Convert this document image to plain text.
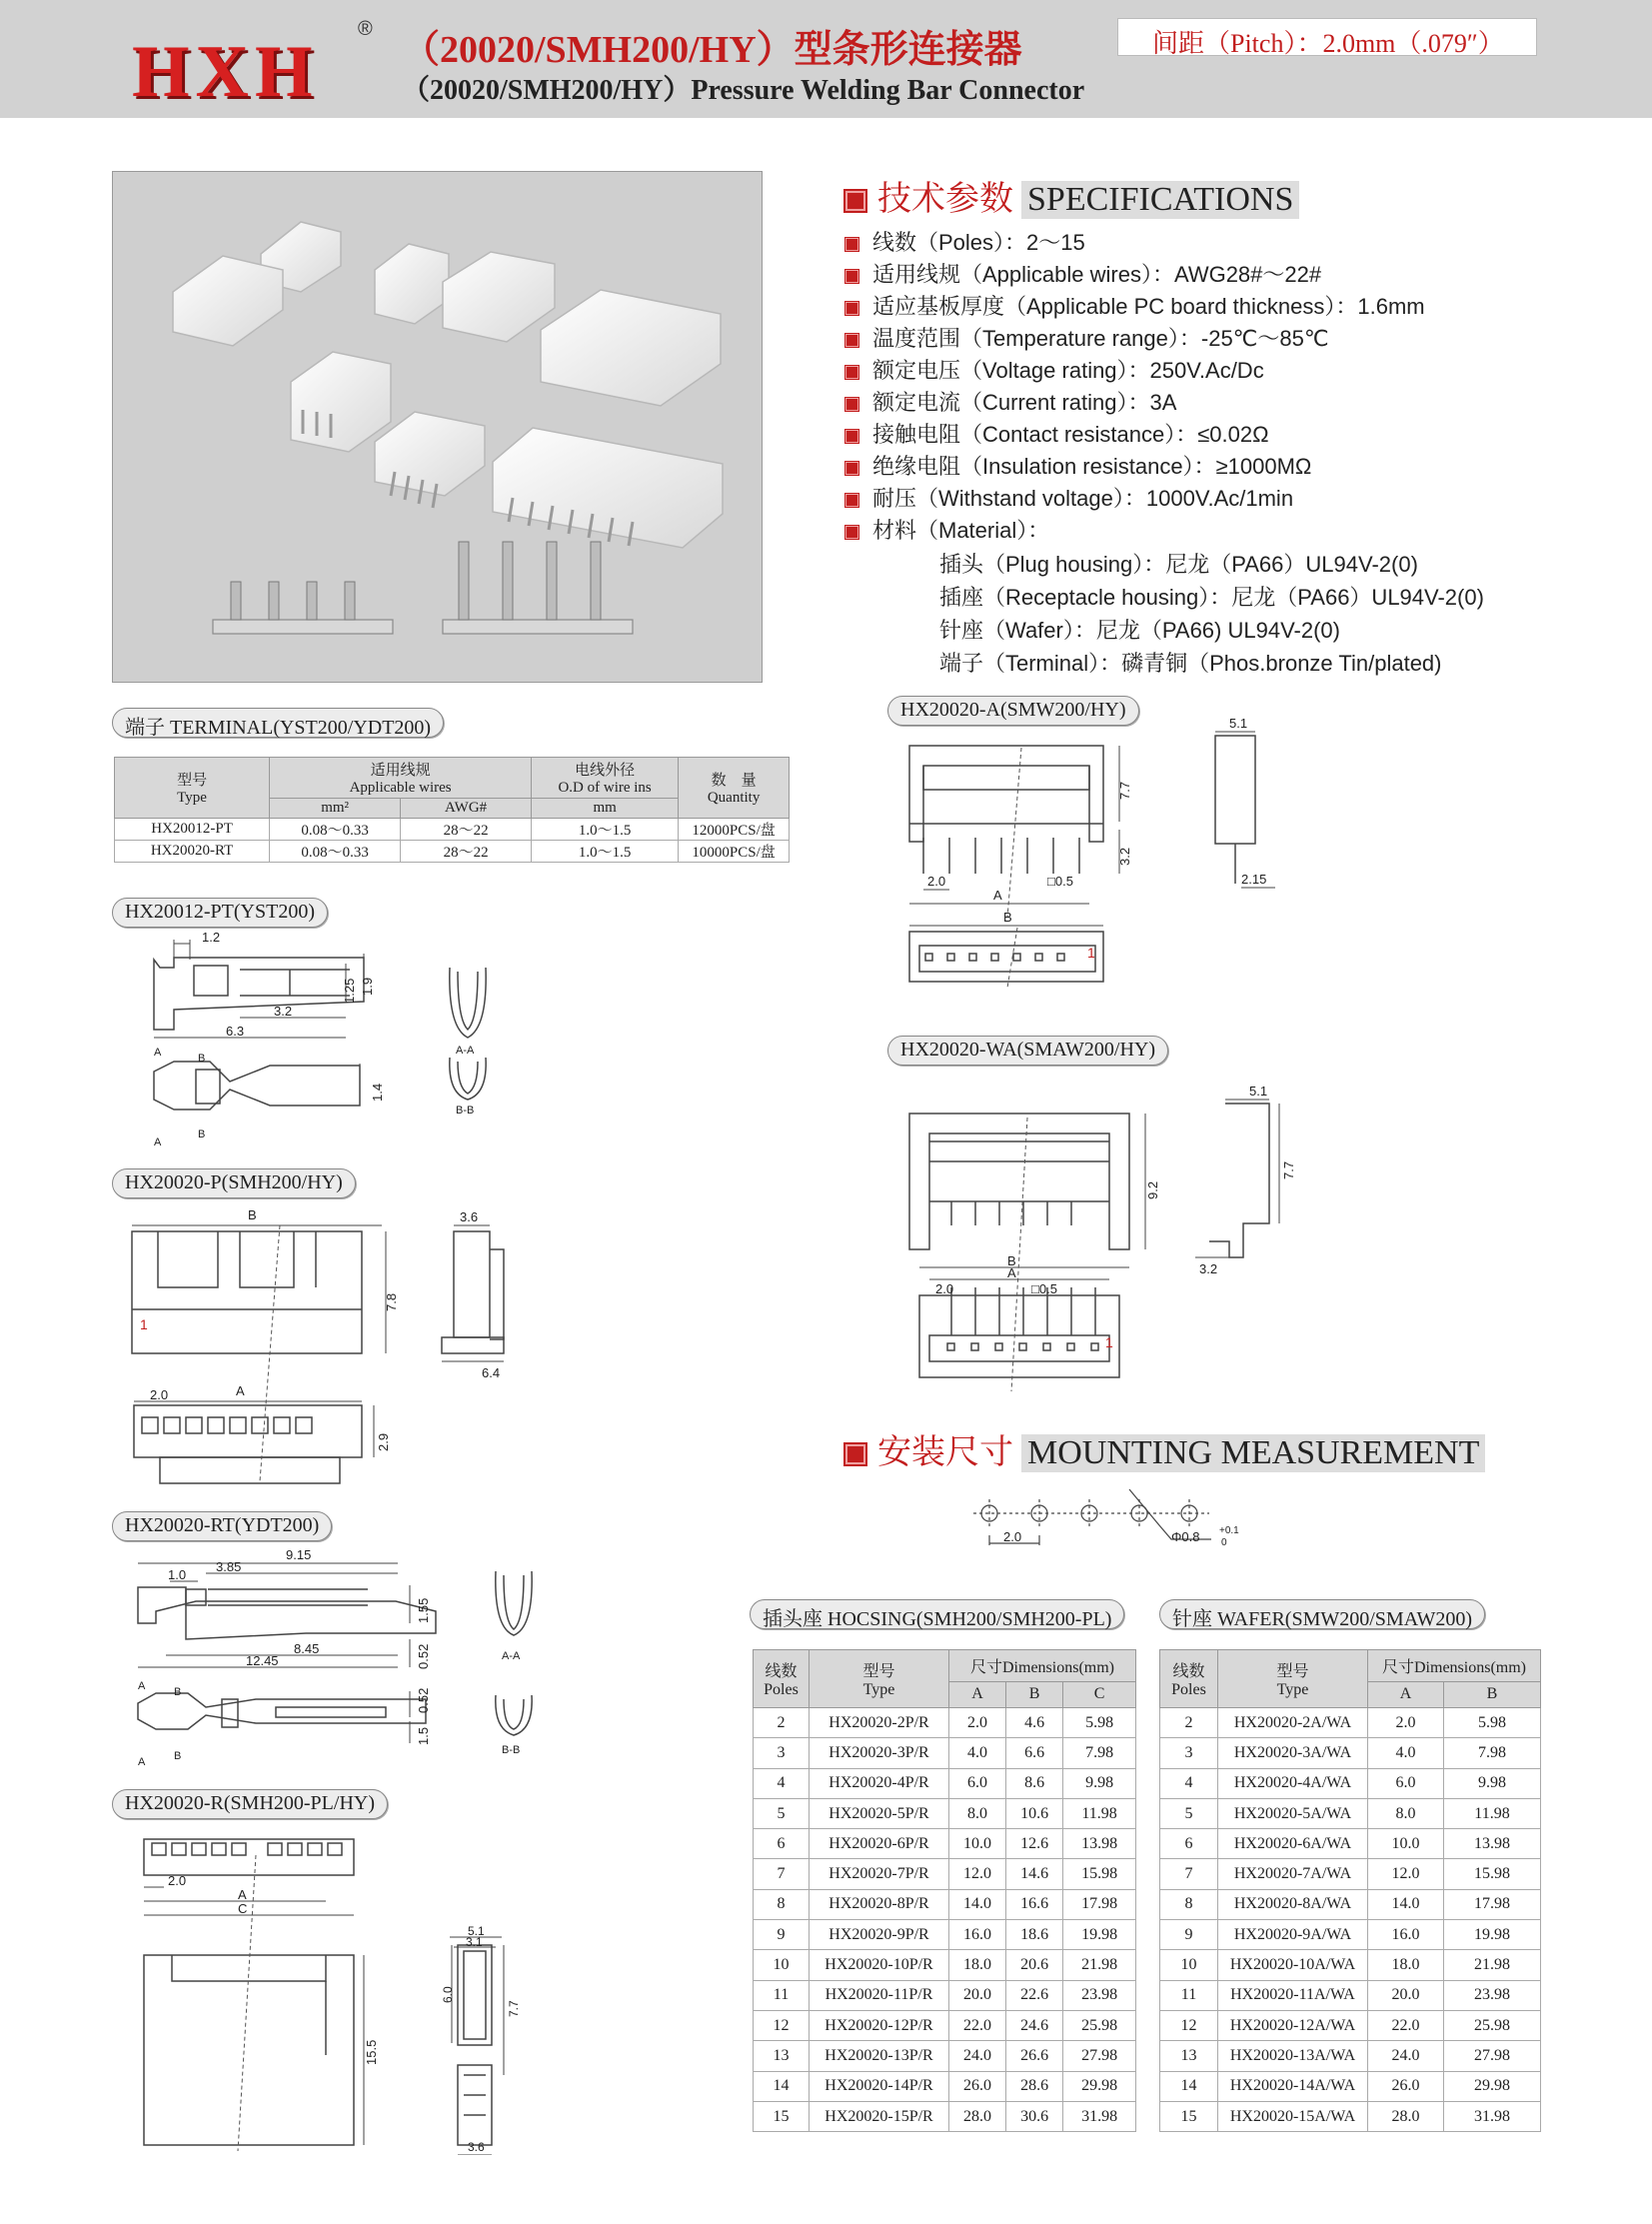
HXH
® （20020/SMH200/HY）型条形连接器
（20020/SMH200/HY）Pressure Welding Bar Connector
间距（Pitch）：2.0mm（.079″）
技术参数 SPECIFICATIONS
线数（Poles）：2～15
适用线规（Applicable wires）：AWG28#～22#
适应基板厚度（Applicable PC board thickness）：1.6mm
温度范围（Temperature range）：-25℃～85℃
额定电压（Voltage rating）：250V.Ac/Dc
额定电流（Current rating）：3A
接触电阻（Contact resistance）：≤0.02Ω
绝缘电阻（Insulation resistance）：≥1000MΩ
耐压（Withstand voltage）：1000V.Ac/1min
材料（Material）：
插头（Plug housing）：尼龙（PA66）UL94V-2(0)
插座（Receptacle housing）：尼龙（PA66）UL94V-2(0)
针座（Wafer）：尼龙（PA66) UL94V-2(0)
端子（Terminal）：磷青铜（Phos.bronze Tin/plated)
端子 TERMINAL(YST200/YDT200)
型号
Type	适用线规
Applicable wires		电线外径
O.D of wire ins	数　量
Quantity
	mm²	AWG#	mm	
HX20012-PT	0.08～0.33	28～22	1.0～1.5	12000PCS/盘
HX20020-RT	0.08～0.33	28～22	1.0～1.5	10000PCS/盘
HX20012-PT(YST200)
1.2
1.25 1.9
3.2
6.3
1.4
A	B
A
B
A-A
B-B
HX20020-P(SMH200/HY)
B
A
7.8
3.6
6.4
2.0
2.9
1
HX20020-RT(YDT200)
9.15
1.0
3.85
8.45
12.45
1.55
0.52
0.52
1.5
A	B
A	B
A-A
B-B
HX20020-R(SMH200-PL/HY)
2.0
A
C
15.5
5.1
3.1
6.0
7.7
3.6
HX20020-A(SMW200/HY)
7.7
3.2
2.0
A
□0.5
B
5.1
2.15
1
HX20020-WA(SMAW200/HY)
9.2
B
A
2.0	□0.5
5.1
7.7
3.2
1
安装尺寸 MOUNTING MEASUREMENT
2.0	Φ0.8 +0.1
0
插头座 HOCSING(SMH200/SMH200-PL)
线数
Poles	型号
Type	尺寸Dimensions(mm)		
		A	B	C
2	HX20020-2P/R	2.0	4.6	5.98
3	HX20020-3P/R	4.0	6.6	7.98
4	HX20020-4P/R	6.0	8.6	9.98
5	HX20020-5P/R	8.0	10.6	11.98
6	HX20020-6P/R	10.0	12.6	13.98
7	HX20020-7P/R	12.0	14.6	15.98
8	HX20020-8P/R	14.0	16.6	17.98
9	HX20020-9P/R	16.0	18.6	19.98
10	HX20020-10P/R	18.0	20.6	21.98
11	HX20020-11P/R	20.0	22.6	23.98
12	HX20020-12P/R	22.0	24.6	25.98
13	HX20020-13P/R	24.0	26.6	27.98
14	HX20020-14P/R	26.0	28.6	29.98
15	HX20020-15P/R	28.0	30.6	31.98
针座 WAFER(SMW200/SMAW200)
线数
Poles	型号
Type	尺寸Dimensions(mm)	
		A	B
2	HX20020-2A/WA	2.0	5.98
3	HX20020-3A/WA	4.0	7.98
4	HX20020-4A/WA	6.0	9.98
5	HX20020-5A/WA	8.0	11.98
6	HX20020-6A/WA	10.0	13.98
7	HX20020-7A/WA	12.0	15.98
8	HX20020-8A/WA	14.0	17.98
9	HX20020-9A/WA	16.0	19.98
10	HX20020-10A/WA	18.0	21.98
11	HX20020-11A/WA	20.0	23.98
12	HX20020-12A/WA	22.0	25.98
13	HX20020-13A/WA	24.0	27.98
14	HX20020-14A/WA	26.0	29.98
15	HX20020-15A/WA	28.0	31.98
